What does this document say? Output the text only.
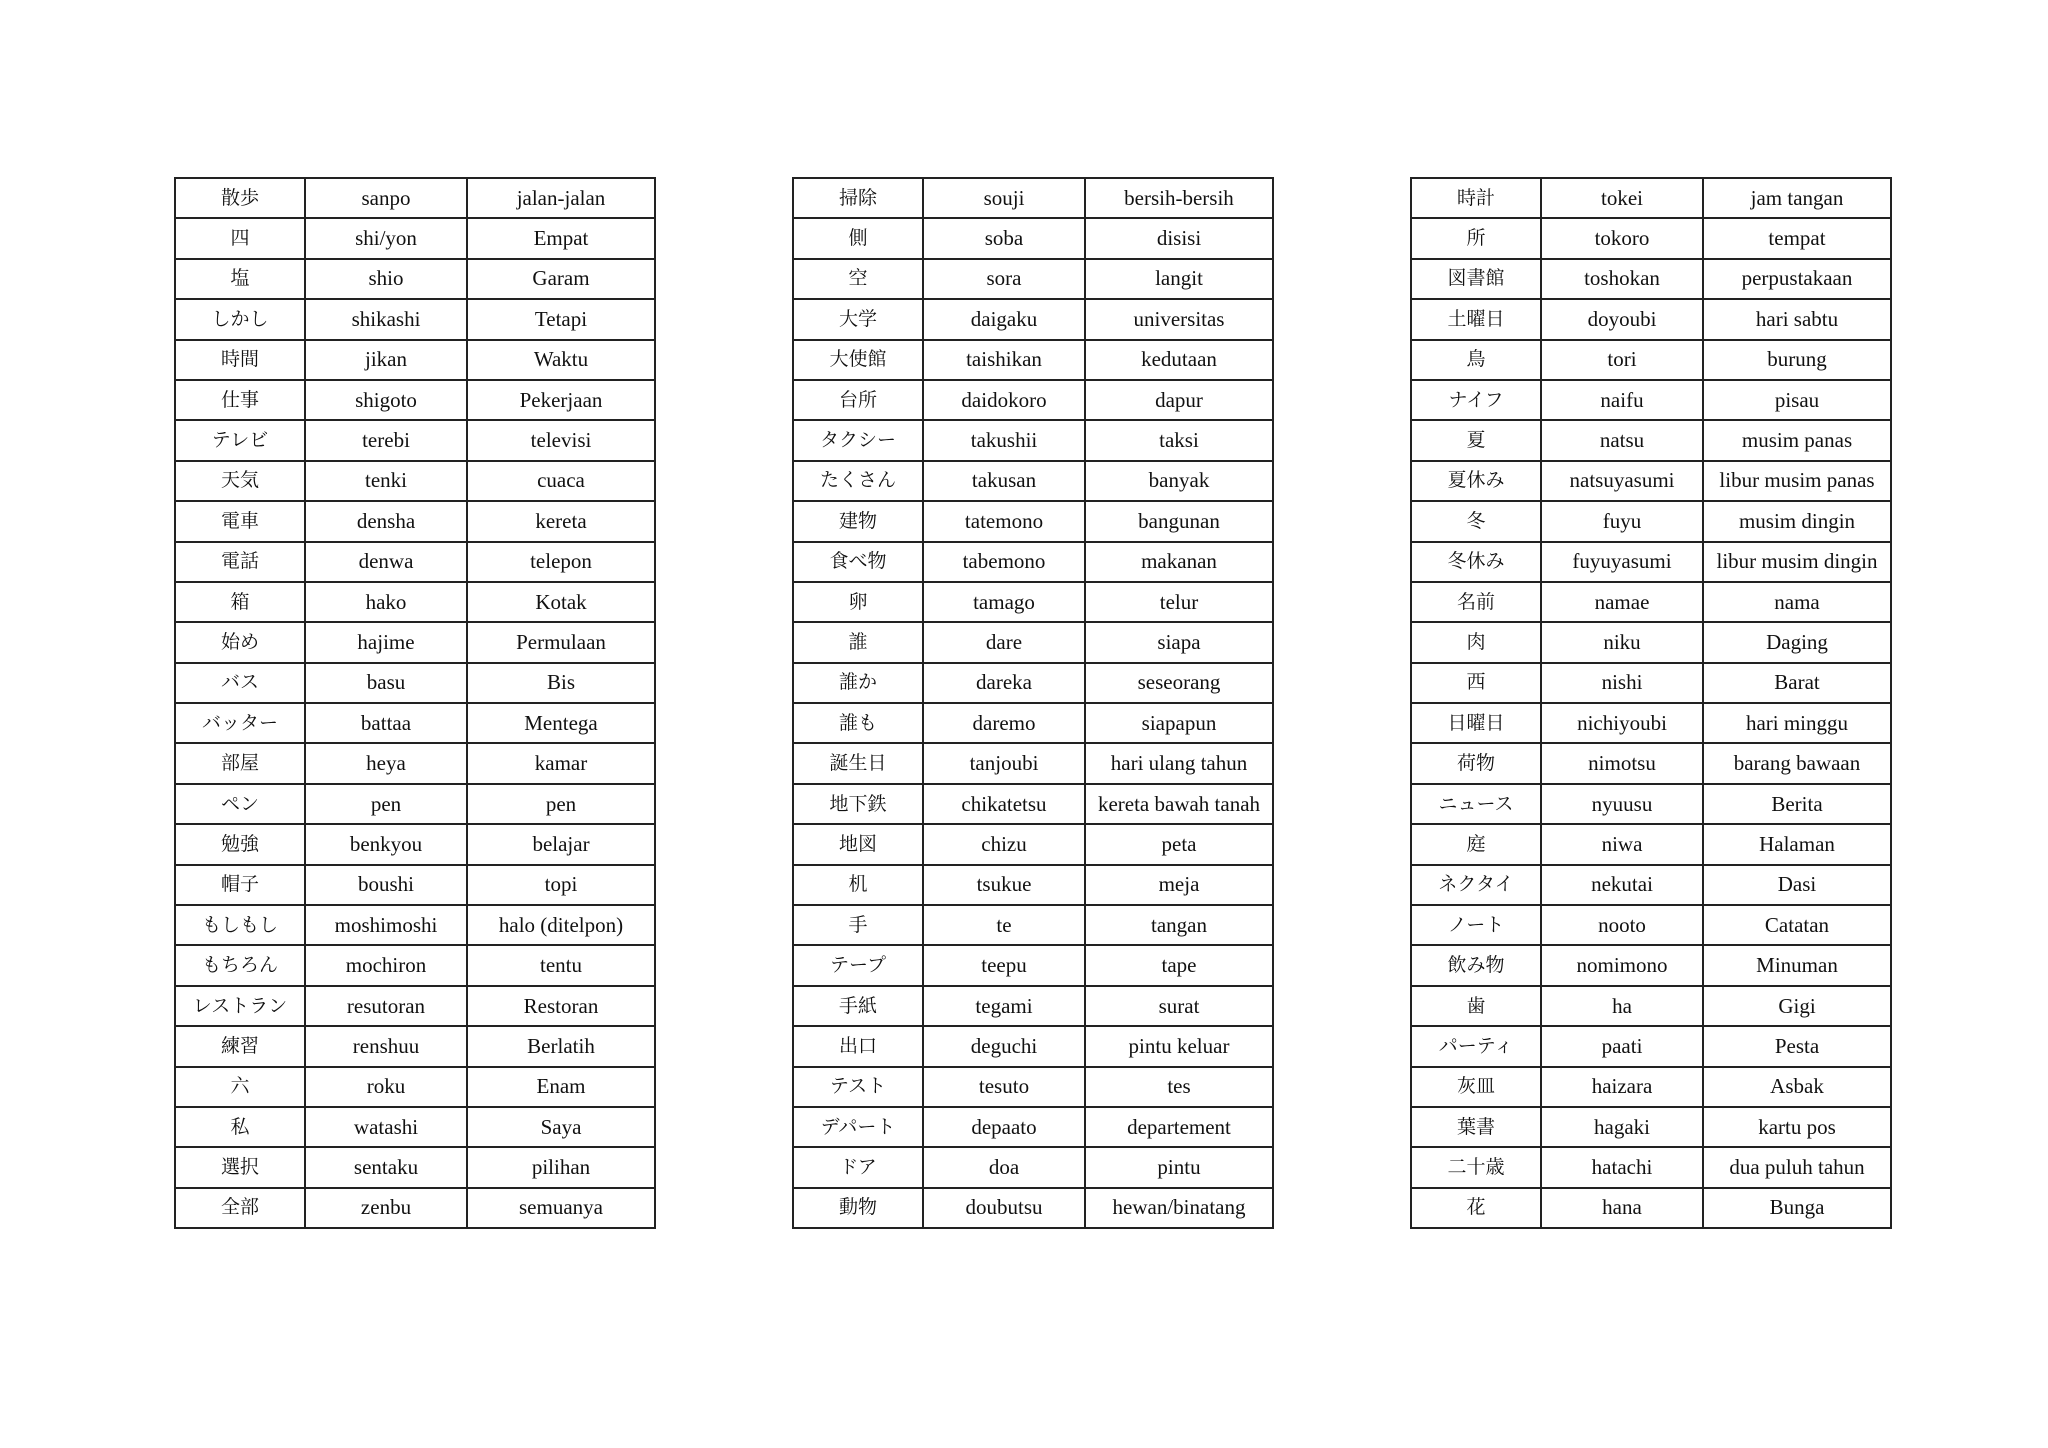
散歩	sanpo	jalan-jalan
四	shi/yon	Empat
塩	shio	Garam
しかし	shikashi	Tetapi
時間	jikan	Waktu
仕事	shigoto	Pekerjaan
テレビ	terebi	televisi
天気	tenki	cuaca
電車	densha	kereta
電話	denwa	telepon
箱	hako	Kotak
始め	hajime	Permulaan
バス	basu	Bis
バッター	battaa	Mentega
部屋	heya	kamar
ペン	pen	pen
勉強	benkyou	belajar
帽子	boushi	topi
もしもし	moshimoshi	halo (ditelpon)
もちろん	mochiron	tentu
レストラン	resutoran	Restoran
練習	renshuu	Berlatih
六	roku	Enam
私	watashi	Saya
選択	sentaku	pilihan
全部	zenbu	semuanya
掃除	souji	bersih-bersih
側	soba	disisi
空	sora	langit
大学	daigaku	universitas
大使館	taishikan	kedutaan
台所	daidokoro	dapur
タクシー	takushii	taksi
たくさん	takusan	banyak
建物	tatemono	bangunan
食べ物	tabemono	makanan
卵	tamago	telur
誰	dare	siapa
誰か	dareka	seseorang
誰も	daremo	siapapun
誕生日	tanjoubi	hari ulang tahun
地下鉄	chikatetsu	kereta bawah tanah
地図	chizu	peta
机	tsukue	meja
手	te	tangan
テープ	teepu	tape
手紙	tegami	surat
出口	deguchi	pintu keluar
テスト	tesuto	tes
デパート	depaato	departement
ドア	doa	pintu
動物	doubutsu	hewan/binatang
時計	tokei	jam tangan
所	tokoro	tempat
図書館	toshokan	perpustakaan
土曜日	doyoubi	hari sabtu
鳥	tori	burung
ナイフ	naifu	pisau
夏	natsu	musim panas
夏休み	natsuyasumi	libur musim panas
冬	fuyu	musim dingin
冬休み	fuyuyasumi	libur musim dingin
名前	namae	nama
肉	niku	Daging
西	nishi	Barat
日曜日	nichiyoubi	hari minggu
荷物	nimotsu	barang bawaan
ニュース	nyuusu	Berita
庭	niwa	Halaman
ネクタイ	nekutai	Dasi
ノート	nooto	Catatan
飲み物	nomimono	Minuman
歯	ha	Gigi
パーティ	paati	Pesta
灰皿	haizara	Asbak
葉書	hagaki	kartu pos
二十歳	hatachi	dua puluh tahun
花	hana	Bunga
